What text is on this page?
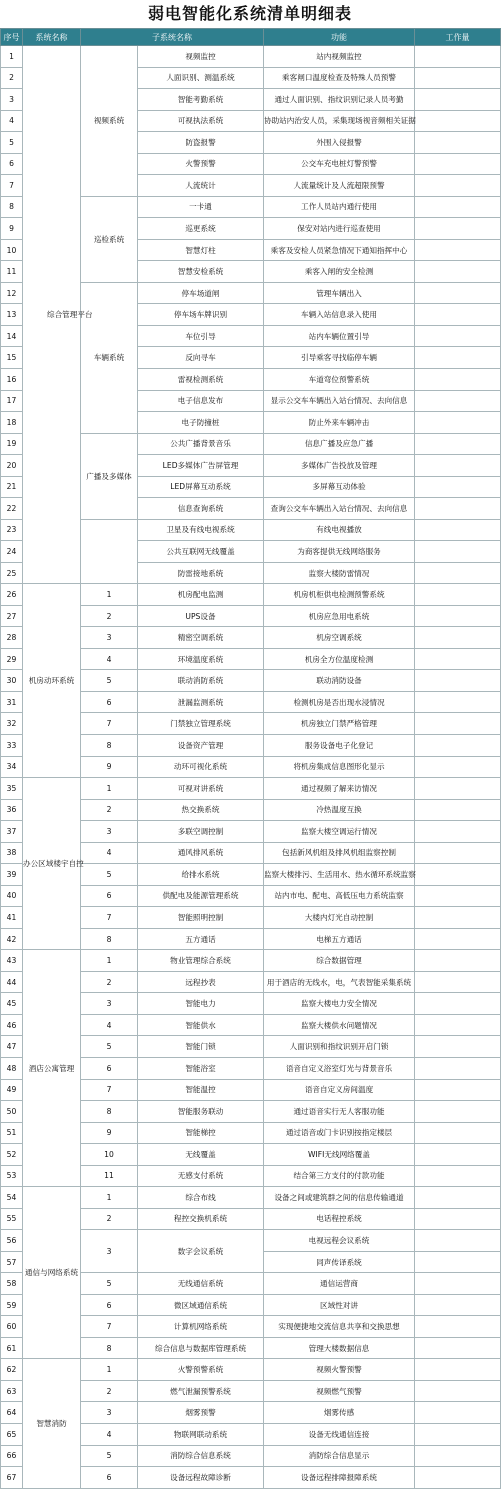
弱电智能化系统清单明细表
序号	系统名称	子系统名称		功能	工作量
1	综合管理平台	视频系统	视频监控	站内视频监控	
2			人面识别、测温系统	乘客闸口温度检查及特殊人员预警	
3			智能考勤系统	通过人面识别、指纹识别记录人员考勤	
4			可视执法系统	协助站内治安人员，采集现场视音频相关证据	
5			防盗报警	外围入侵报警	
6			火警预警	公交车充电桩灯警预警	
7			人流统计	人流量统计及人流超限预警	
8		巡检系统	一卡通	工作人员站内通行使用	
9			巡更系统	保安对站内进行巡查使用	
10			智慧灯柱	乘客及安检人员紧急情况下通知指挥中心	
11			智慧安检系统	乘客入闸的安全检测	
12		车辆系统	停车场道闸	管理车辆出入	
13			停车场车牌识别	车辆入站信息录入使用	
14			车位引导	站内车辆位置引导	
15			反向寻车	引导乘客寻找临停车辆	
16			雷视检测系统	车道弯位预警系统	
17			电子信息发布	显示公交车车辆出入站台情况、去向信息	
18			电子防撞桩	防止外来车辆冲击	
19		广播及多媒体	公共广播背景音乐	信息广播及应急广播	
20			LED多媒体广告屏管理	多媒体广告投放及管理	
21			LED屏幕互动系统	多屏幕互动体验	
22			信息查询系统	查询公交车车辆出入站台情况、去向信息	
23			卫星及有线电视系统	有线电视播放	
24			公共互联网无线覆盖	为商客提供无线网络服务	
25			防雷接地系统	监察大楼防雷情况	
26	机房动环系统	1	机房配电监测	机房机柜供电检测预警系统	
27		2	UPS设备	机房应急用电系统	
28		3	精密空调系统	机房空调系统	
29		4	环境温度系统	机房全方位温度检测	
30		5	联动消防系统	联动消防设备	
31		6	泄漏监测系统	检测机房是否出现水浸情况	
32		7	门禁独立管理系统	机房独立门禁严格管理	
33		8	设备资产管理	服务设备电子化登记	
34		9	动环可视化系统	将机房集成信息图形化显示	
35	办公区域楼宇自控	1	可视对讲系统	通过视频了解来访情况	
36		2	热交换系统	冷热温度互换	
37		3	多联空调控制	监察大楼空调运行情况	
38		4	通风排风系统	包括新风机组及排风机组监察控制	
39		5	给排水系统	监察大楼排污、生活用水、热水循环系统监察	
40		6	供配电及能源管理系统	站内市电、配电、高低压电力系统监察	
41		7	智能照明控制	大楼内灯光自动控制	
42		8	五方通话	电梯五方通话	
43	酒店公寓管理	1	物业管理综合系统	综合数据管理	
44		2	远程抄表	用于酒店的无线水，电，气表智能采集系统	
45		3	智能电力	监察大楼电力安全情况	
46		4	智能供水	监察大楼供水问题情况	
47		5	智能门锁	人面识别和指纹识别开启门锁	
48		6	智能浴室	语音自定义浴室灯光与背景音乐	
49		7	智能温控	语音自定义房间温度	
50		8	智能服务联动	通过语音实行无人客服功能	
51		9	智能梯控	通过语音或门卡识别按指定楼层	
52		10	无线覆盖	WIFI无线网络覆盖	
53		11	无感支付系统	结合第三方支付的付款功能	
54	通信与网络系统	1	综合布线	设备之间或建筑群之间的信息传输通道	
55		2	程控交换机系统	电话程控系统	
56		3	数字会议系统	电视远程会议系统	
57				同声传译系统	
58		5	无线通信系统	通信运营商	
59		6	微区域通信系统	区域性对讲	
60		7	计算机网络系统	实现便捷地交流信息共享和交换思想	
61		8	综合信息与数据库管理系统	管理大楼数据信息	
62	智慧消防	1	火警预警系统	视频火警预警	
63		2	燃气泄漏预警系统	视频燃气预警	
64		3	烟雾预警	烟雾传感	
65		4	物联网联动系统	设备无线通信连接	
66		5	消防综合信息系统	消防综合信息显示	
67		6	设备远程故障诊断	设备远程排障报障系统	
